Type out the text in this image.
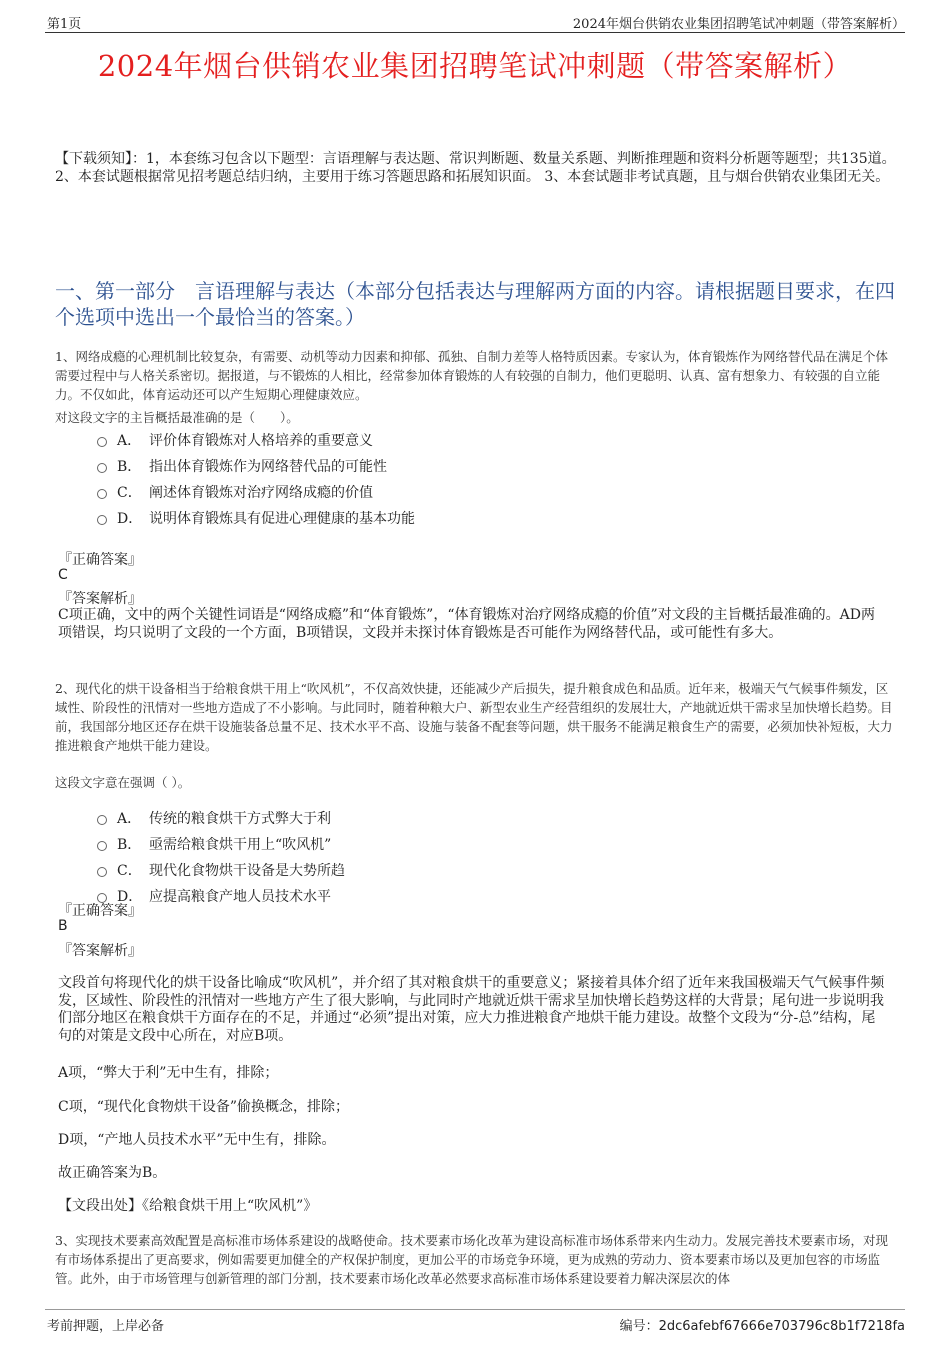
第1页	2024年烟台供销农业集团招聘笔试冲刺题（带答案解析）
2024年烟台供销农业集团招聘笔试冲刺题（带答案解析）
【下载须知】：1，本套练习包含以下题型：言语理解与表达题、常识判断题、数量关系题、判断推理题和资料分析题等题型；共135道。 2、本套试题根据常见招考题总结归纳，主要用于练习答题思路和拓展知识面。 3、本套试题非考试真题，且与烟台供销农业集团无关。
一、第一部分　言语理解与表达（本部分包括表达与理解两方面的内容。请根据题目要求，在四个选项中选出一个最恰当的答案。）
1、网络成瘾的心理机制比较复杂，有需要、动机等动力因素和抑郁、孤独、自制力差等人格特质因素。专家认为，体育锻炼作为网络替代品在满足个体需要过程中与人格关系密切。据报道，与不锻炼的人相比，经常参加体育锻炼的人有较强的自制力，他们更聪明、认真、富有想象力、有较强的自立能力。不仅如此，体育运动还可以产生短期心理健康效应。
对这段文字的主旨概括最准确的是（　　）。
A． 评价体育锻炼对人格培养的重要意义
B． 指出体育锻炼作为网络替代品的可能性
C． 阐述体育锻炼对治疗网络成瘾的价值
D． 说明体育锻炼具有促进心理健康的基本功能
『正确答案』
C
『答案解析』
C项正确，文中的两个关键性词语是“网络成瘾”和“体育锻炼”，“体育锻炼对治疗网络成瘾的价值”对文段的主旨概括最准确的。AD两项错误，均只说明了文段的一个方面，B项错误，文段并未探讨体育锻炼是否可能作为网络替代品，或可能性有多大。
2、现代化的烘干设备相当于给粮食烘干用上“吹风机”，不仅高效快捷，还能减少产后损失，提升粮食成色和品质。近年来，极端天气气候事件频发，区域性、阶段性的汛情对一些地方造成了不小影响。与此同时，随着种粮大户、新型农业生产经营组织的发展壮大，产地就近烘干需求呈加快增长趋势。目前，我国部分地区还存在烘干设施装备总量不足、技术水平不高、设施与装备不配套等问题，烘干服务不能满足粮食生产的需要，必须加快补短板，大力推进粮食产地烘干能力建设。
这段文字意在强调（ ）。
A． 传统的粮食烘干方式弊大于利
B． 亟需给粮食烘干用上“吹风机”
C． 现代化食物烘干设备是大势所趋
D． 应提高粮食产地人员技术水平
『正确答案』
B
『答案解析』
文段首句将现代化的烘干设备比喻成“吹风机”，并介绍了其对粮食烘干的重要意义；紧接着具体介绍了近年来我国极端天气气候事件频发，区域性、阶段性的汛情对一些地方产生了很大影响，与此同时产地就近烘干需求呈加快增长趋势这样的大背景；尾句进一步说明我们部分地区在粮食烘干方面存在的不足，并通过“必须”提出对策，应大力推进粮食产地烘干能力建设。故整个文段为“分-总”结构，尾句的对策是文段中心所在，对应B项。
A项，“弊大于利”无中生有，排除；
C项，“现代化食物烘干设备”偷换概念，排除；
D项，“产地人员技术水平”无中生有，排除。
故正确答案为B。
【文段出处】《给粮食烘干用上“吹风机”》
3、实现技术要素高效配置是高标准市场体系建设的战略使命。技术要素市场化改革为建设高标准市场体系带来内生动力。发展完善技术要素市场，对现有市场体系提出了更高要求，例如需要更加健全的产权保护制度，更加公平的市场竞争环境，更为成熟的劳动力、资本要素市场以及更加包容的市场监管。此外，由于市场管理与创新管理的部门分割，技术要素市场化改革必然要求高标准市场体系建设要着力解决深层次的体
考前押题，上岸必备	编号：2dc6afebf67666e703796c8b1f7218fa
